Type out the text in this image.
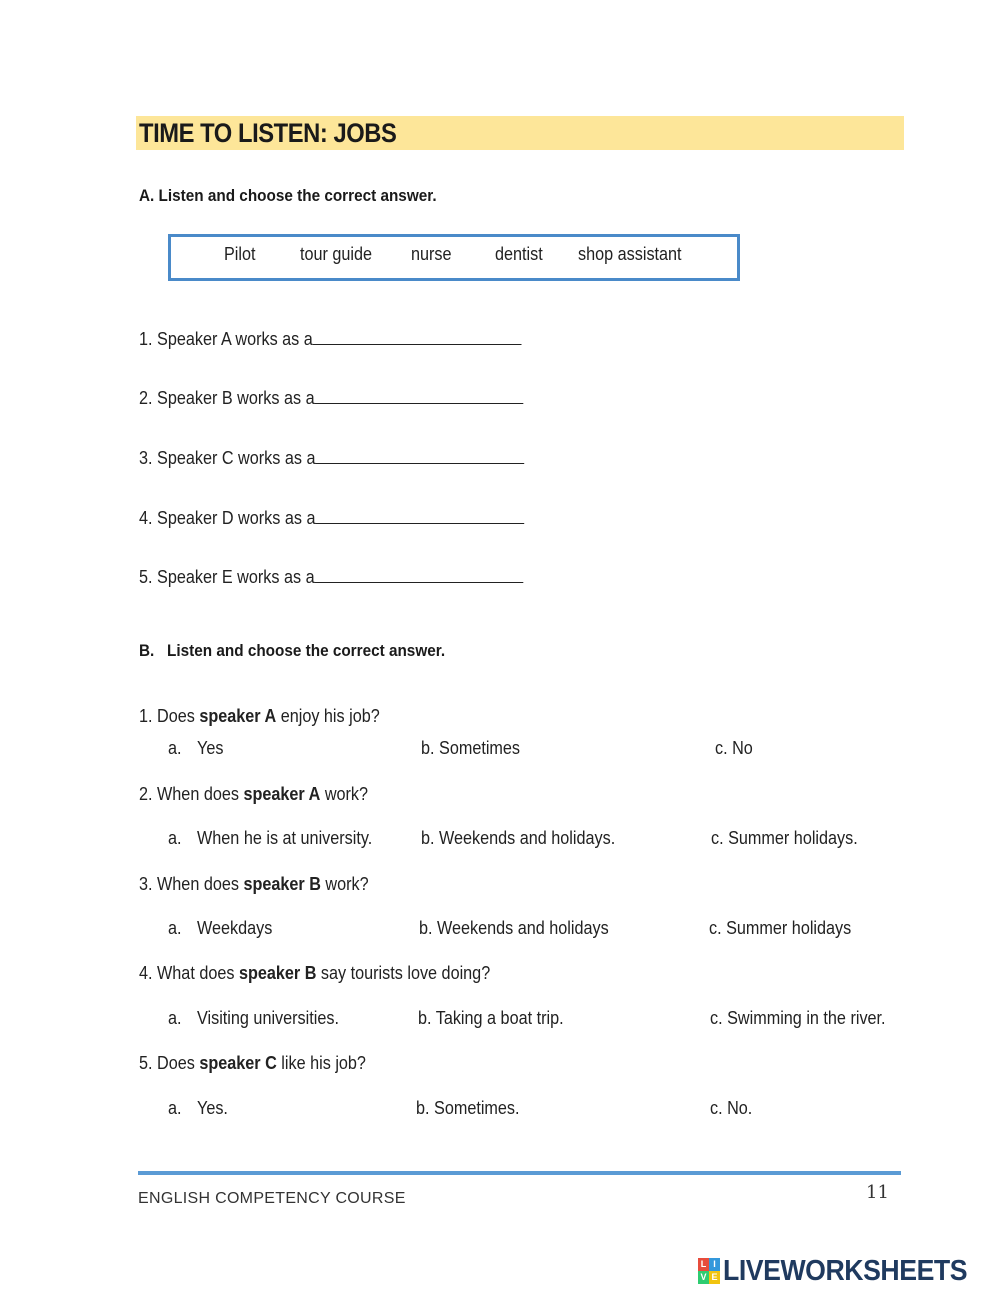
TIME TO LISTEN: JOBS
A. Listen and choose the correct answer.
Pilot tour guide nurse dentist shop assistant
1. Speaker A works as a
2. Speaker B works as a
3. Speaker C works as a
4. Speaker D works as a
5. Speaker E works as a
B. Listen and choose the correct answer.
1. Does speaker A enjoy his job?
a. Yes	b. Sometimes	c. No
2. When does speaker A work?
a. When he is at university.	b. Weekends and holidays.	c. Summer holidays.
3. When does speaker B work?
a. Weekdays	b. Weekends and holidays	c. Summer holidays
4. What does speaker B say tourists love doing?
a. Visiting universities.	b. Taking a boat trip.	c. Swimming in the river.
5. Does speaker C like his job?
a. Yes.	b. Sometimes.	c. No.
ENGLISH COMPETENCY COURSE	11
L I
V E LIVEWORKSHEETS
